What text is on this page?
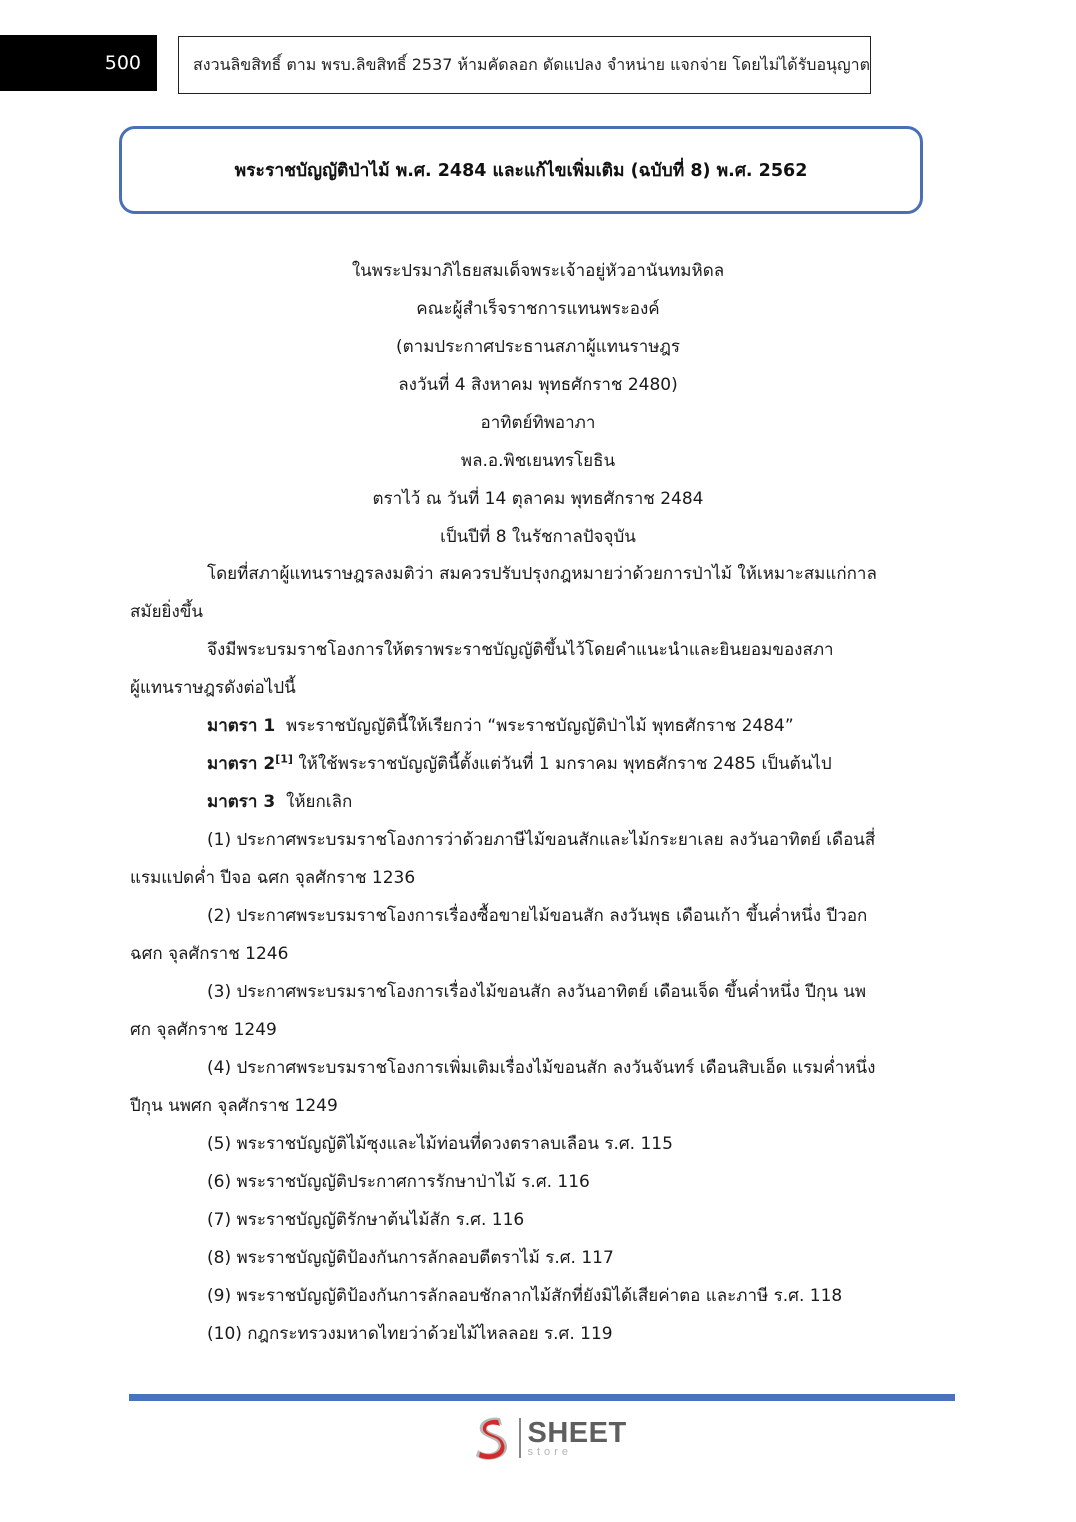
500	สงวนลิขสิทธิ์ ตาม พรบ.ลิขสิทธิ์ 2537 ห้ามคัดลอก ดัดแปลง จำหน่าย แจกจ่าย โดยไม่ได้รับอนุญาต
พระราชบัญญัติป่าไม้ พ.ศ. 2484 และแก้ไขเพิ่มเติม (ฉบับที่ 8) พ.ศ. 2562
ในพระปรมาภิไธยสมเด็จพระเจ้าอยู่หัวอานันทมหิดล
คณะผู้สำเร็จราชการแทนพระองค์
(ตามประกาศประธานสภาผู้แทนราษฎร
ลงวันที่ 4 สิงหาคม พุทธศักราช 2480)
อาทิตย์ทิพอาภา
พล.อ.พิชเยนทรโยธิน
ตราไว้ ณ วันที่ 14 ตุลาคม พุทธศักราช 2484
เป็นปีที่ 8 ในรัชกาลปัจจุบัน
โดยที่สภาผู้แทนราษฎรลงมติว่า สมควรปรับปรุงกฎหมายว่าด้วยการป่าไม้ ให้เหมาะสมแก่กาล
สมัยยิ่งขึ้น
จึงมีพระบรมราชโองการให้ตราพระราชบัญญัติขึ้นไว้โดยคำแนะนำและยินยอมของสภา
ผู้แทนราษฎรดังต่อไปนี้
มาตรา 1 พระราชบัญญัตินี้ให้เรียกว่า “พระราชบัญญัติป่าไม้ พุทธศักราช 2484”
มาตรา 2[1] ให้ใช้พระราชบัญญัตินี้ตั้งแต่วันที่ 1 มกราคม พุทธศักราช 2485 เป็นต้นไป
มาตรา 3 ให้ยกเลิก
(1) ประกาศพระบรมราชโองการว่าด้วยภาษีไม้ขอนสักและไม้กระยาเลย ลงวันอาทิตย์ เดือนสี่
แรมแปดค่ำ ปีจอ ฉศก จุลศักราช 1236
(2) ประกาศพระบรมราชโองการเรื่องซื้อขายไม้ขอนสัก ลงวันพุธ เดือนเก้า ขึ้นค่ำหนึ่ง ปีวอก
ฉศก จุลศักราช 1246
(3) ประกาศพระบรมราชโองการเรื่องไม้ขอนสัก ลงวันอาทิตย์ เดือนเจ็ด ขึ้นค่ำหนึ่ง ปีกุน นพ
ศก จุลศักราช 1249
(4) ประกาศพระบรมราชโองการเพิ่มเติมเรื่องไม้ขอนสัก ลงวันจันทร์ เดือนสิบเอ็ด แรมค่ำหนึ่ง
ปีกุน นพศก จุลศักราช 1249
(5) พระราชบัญญัติไม้ซุงและไม้ท่อนที่ดวงตราลบเลือน ร.ศ. 115
(6) พระราชบัญญัติประกาศการรักษาป่าไม้ ร.ศ. 116
(7) พระราชบัญญัติรักษาต้นไม้สัก ร.ศ. 116
(8) พระราชบัญญัติป้องกันการลักลอบตีตราไม้ ร.ศ. 117
(9) พระราชบัญญัติป้องกันการลักลอบชักลากไม้สักที่ยังมิได้เสียค่าตอ และภาษี ร.ศ. 118
(10) กฎกระทรวงมหาดไทยว่าด้วยไม้ไหลลอย ร.ศ. 119
SHEET
store
